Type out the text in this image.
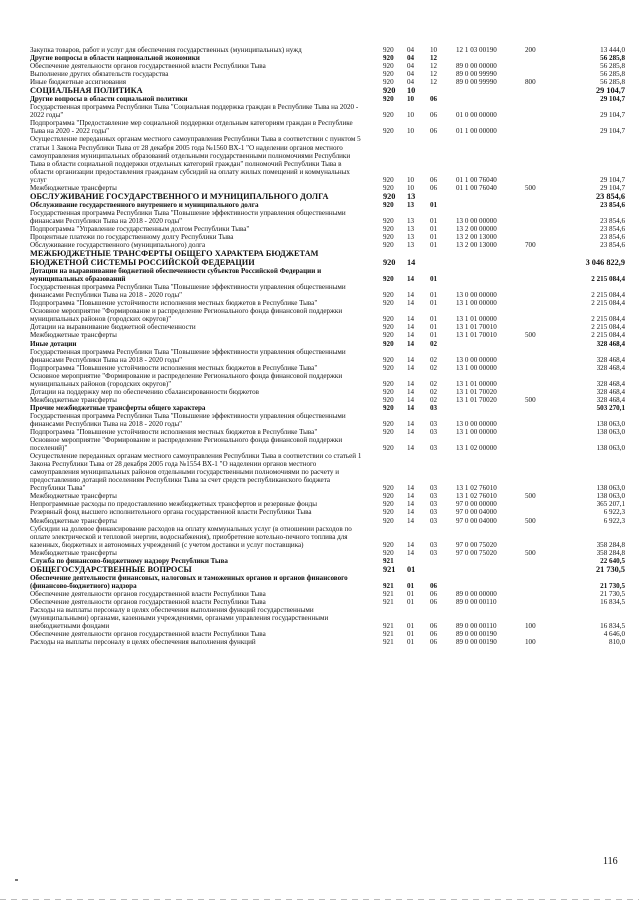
Закупка товаров, работ и услуг для обеспечения государственных (муниципальных) нужд	920 04 10	12 1 03 00190	200	13 444,0
Другие вопросы в области национальной экономики	920 04 12	56 285,8
Обеспечение деятельности органов государственной власти Республики Тыва	920 04 12	89 0 00 00000	56 285,8
Выполнение других обязательств государства	920 04 12	89 0 00 99990	56 285,8
Иные бюджетные ассигнования	920 04 12	89 0 00 99990	800	56 285,8
СОЦИАЛЬНАЯ ПОЛИТИКА	920 10	29 104,7
Другие вопросы в области социальной политики	920 10 06	29 104,7
Государственная программа Республики Тыва "Социальная поддержка граждан в Республике Тыва на 2020 - 2022 годы"	920 10 06	01 0 00 00000	29 104,7
Подпрограмма "Предоставление мер социальной поддержки отдельным категориям граждан в Республике Тыва на 2020 - 2022 годы"	920 10 06	01 1 00 00000	29 104,7
Осуществление переданных органам местного самоуправления Республики Тыва в соответствии с пунктом 5 статьи 1 Закона Республики Тыва от 28 декабря 2005 года №1560 ВХ-1 "О наделении органов местного самоуправления муниципальных образований отдельными государственными полномочиями Республики Тыва в области социальной поддержки отдельных категорий граждан" полномочий Республики Тыва в области организации предоставления гражданам субсидий на оплату жилых помещений и коммунальных услуг	920 10 06	01 1 00 76040	29 104,7
Межбюджетные трансферты	920 10 06	01 1 00 76040	500	29 104,7
ОБСЛУЖИВАНИЕ ГОСУДАРСТВЕННОГО И МУНИЦИПАЛЬНОГО ДОЛГА	920 13	23 854,6
Обслуживание государственного внутреннего и муниципального долга	920 13 01	23 854,6
Государственная программа Республики Тыва "Повышение эффективности управления общественными финансами Республики Тыва на 2018 - 2020 годы"	920 13 01	13 0 00 00000	23 854,6
Подпрограмма "Управление государственным долгом Республики Тыва"	920 13 01	13 2 00 00000	23 854,6
Процентные платежи по государственному долгу Республики Тыва	920 13 01	13 2 00 13000	23 854,6
Обслуживание государственного (муниципального) долга	920 13 01	13 2 00 13000	700	23 854,6
МЕЖБЮДЖЕТНЫЕ ТРАНСФЕРТЫ ОБЩЕГО ХАРАКТЕРА БЮДЖЕТАМ БЮДЖЕТНОЙ СИСТЕМЫ РОССИЙСКОЙ ФЕДЕРАЦИИ	920 14	3 046 822,9
Дотации на выравнивание бюджетной обеспеченности субъектов Российской Федерации и муниципальных образований	920 14 01	2 215 084,4
Государственная программа Республики Тыва "Повышение эффективности управления общественными финансами Республики Тыва на 2018 - 2020 годы"	920 14 01	13 0 00 00000	2 215 084,4
Подпрограмма "Повышение устойчивости исполнения местных бюджетов в Республике Тыва"	920 14 01	13 1 00 00000	2 215 084,4
Основное мероприятие "Формирование и распределение Регионального фонда финансовой поддержки муниципальных районов (городских округов)"	920 14 01	13 1 01 00000	2 215 084,4
Дотации на выравнивание бюджетной обеспеченности	920 14 01	13 1 01 70010	2 215 084,4
Межбюджетные трансферты	920 14 01	13 1 01 70010	500	2 215 084,4
Иные дотации	920 14 02	328 468,4
Государственная программа Республики Тыва "Повышение эффективности управления общественными финансами Республики Тыва на 2018 - 2020 годы"	920 14 02	13 0 00 00000	328 468,4
Подпрограмма "Повышение устойчивости исполнения местных бюджетов в Республике Тыва"	920 14 02	13 1 00 00000	328 468,4
Основное мероприятие "Формирование и распределение Регионального фонда финансовой поддержки муниципальных районов (городских округов)"	920 14 02	13 1 01 00000	328 468,4
Дотации на поддержку мер по обеспечению сбалансированности бюджетов	920 14 02	13 1 01 70020	328 468,4
Межбюджетные трансферты	920 14 02	13 1 01 70020	500	328 468,4
Прочие межбюджетные трансферты общего характера	920 14 03	503 270,1
Государственная программа Республики Тыва "Повышение эффективности управления общественными финансами Республики Тыва на 2018 - 2020 годы"	920 14 03	13 0 00 00000	138 063,0
Подпрограмма "Повышение устойчивости исполнения местных бюджетов в Республике Тыва"	920 14 03	13 1 00 00000	138 063,0
Основное мероприятие "Формирование и распределение Регионального фонда финансовой поддержки поселений)"	920 14 03	13 1 02 00000	138 063,0
Осуществление переданных органам местного самоуправления Республики Тыва в соответствии со статьей 1 Закона Республики Тыва от 28 декабря 2005 года №1554 ВХ-1 "О наделении органов местного самоуправления муниципальных районов отдельными государственными полномочиями по расчету и предоставлению дотаций поселениям Республики Тыва за счет средств республиканского бюджета Республики Тыва"	920 14 03	13 1 02 76010	138 063,0
Межбюджетные трансферты	920 14 03	13 1 02 76010	500	138 063,0
Непрограммные расходы по предоставлению межбюджетных трансфертов и резервные фонды	920 14 03	97 0 00 00000	365 207,1
Резервный фонд высшего исполнительного органа государственной власти Республики Тыва	920 14 03	97 0 00 04000	6 922,3
Межбюджетные трансферты	920 14 03	97 0 00 04000	500	6 922,3
Субсидии на долевое финансирование расходов на оплату коммунальных услуг (в отношении расходов по оплате электрической и тепловой энергии, водоснабжения), приобретение котельно-печного топлива для казенных, бюджетных и автономных учреждений (с учетом доставки и услуг поставщика)	920 14 03	97 0 00 75020	358 284,8
Межбюджетные трансферты	920 14 03	97 0 00 75020	500	358 284,8
Служба по финансово-бюджетному надзору Республики Тыва	921	22 640,5
ОБЩЕГОСУДАРСТВЕННЫЕ ВОПРОСЫ	921 01	21 730,5
Обеспечение деятельности финансовых, налоговых и таможенных органов и органов финансового (финансово-бюджетного) надзора	921 01 06	21 730,5
Обеспечение деятельности органов государственной власти Республики Тыва	921 01 06	89 0 00 00000	21 730,5
Обеспечение деятельности органов государственной власти Республики Тыва	921 01 06	89 0 00 00110	16 834,5
Расходы на выплаты персоналу в целях обеспечения выполнения функций государственными (муниципальными) органами, казенными учреждениями, органами управления государственными внебюджетными фондами	921 01 06	89 0 00 00110	100	16 834,5
Обеспечение деятельности органов государственной власти Республики Тыва	921 01 06	89 0 00 00190	4 646,0
Расходы на выплаты персоналу в целях обеспечения выполнения функций	921 01 06	89 0 00 00190	100	810,0
116
